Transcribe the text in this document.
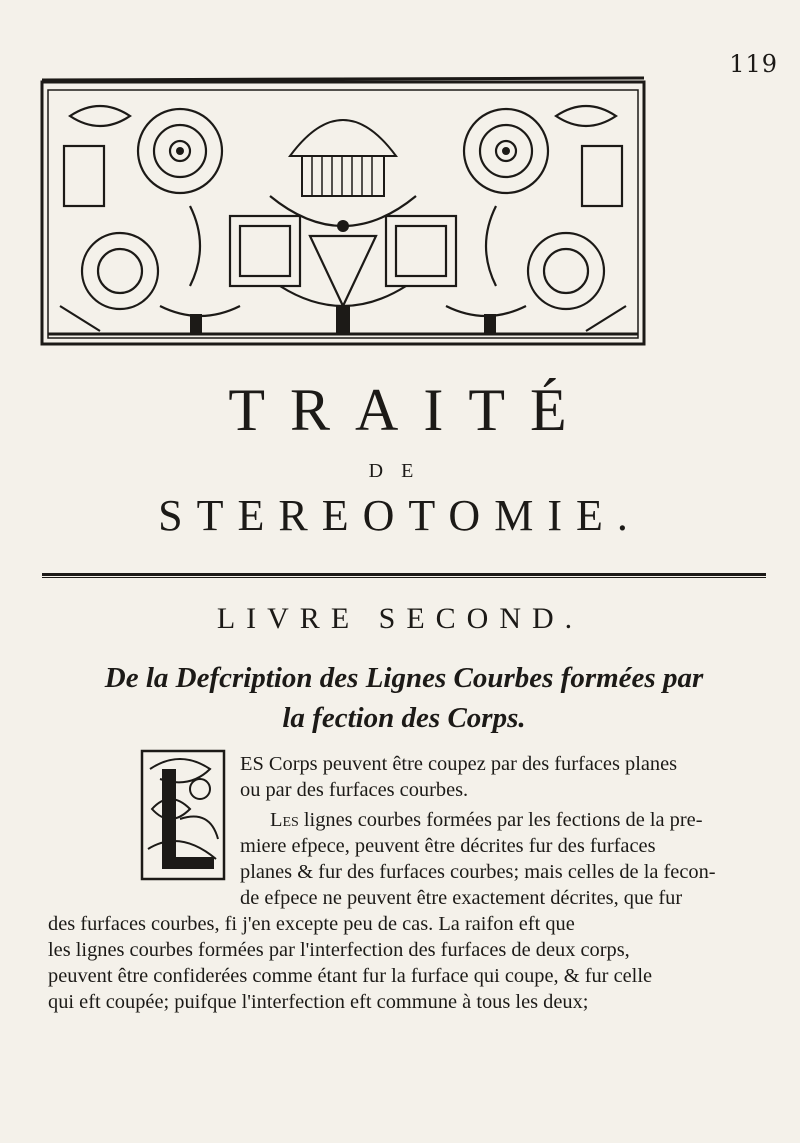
119
TRAITÉ
DE
STEREOTOMIE.
LIVRE SECOND.
De la Defcription des Lignes Courbes formées par
la fection des Corps.
ES Corps peuvent être coupez par des furfaces planes
ou par des furfaces courbes.
Les lignes courbes formées par les fections de la pre-
miere efpece, peuvent être décrites fur des furfaces
planes & fur des furfaces courbes; mais celles de la fecon-
de efpece ne peuvent être exactement décrites, que fur
des furfaces courbes, fi j'en excepte peu de cas. La raifon eft que
les lignes courbes formées par l'interfection des furfaces de deux corps,
peuvent être confiderées comme étant fur la furface qui coupe, & fur celle
qui eft coupée; puifque l'interfection eft commune à tous les deux;
